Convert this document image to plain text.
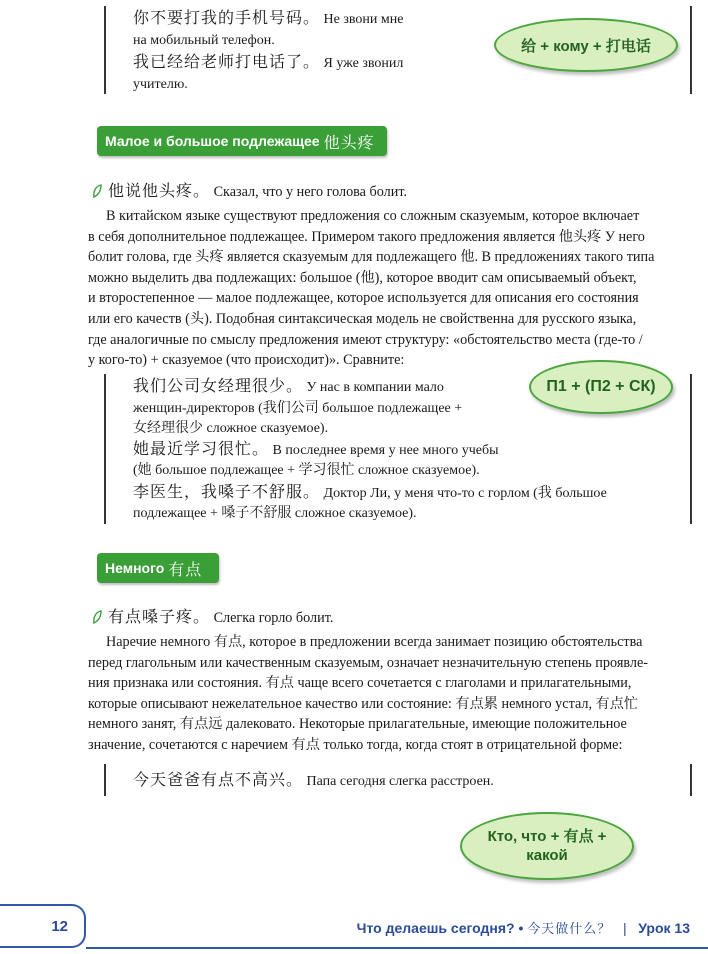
你不要打我的手机号码。 Не звони мне
на мобильный телефон.
我已经给老师打电话了。 Я уже звонил
учителю.
给 + кому + 打电话
Малое и большое подлежащее 他头疼
他说他头疼。 Сказал, что у него голова болит.
В китайском языке существуют предложения со сложным сказуемым, которое включает
в себя дополнительное подлежащее. Примером такого предложения является 他头疼 У него
болит голова, где 头疼 является сказуемым для подлежащего 他. В предложениях такого типа
можно выделить два подлежащих: большое (他), которое вводит сам описываемый объект,
и второстепенное — малое подлежащее, которое используется для описания его состояния
или его качеств (头). Подобная синтаксическая модель не свойственна для русского языка,
где аналогичные по смыслу предложения имеют структуру: «обстоятельство места (где-то /
у кого-то) + сказуемое (что происходит)». Сравните:
П1 + (П2 + СК)
我们公司女经理很少。 У нас в компании мало
женщин-директоров (我们公司 большое подлежащее +
女经理很少 сложное сказуемое).
她最近学习很忙。 В последнее время у нее много учебы
(她 большое подлежащее + 学习很忙 сложное сказуемое).
李医生，我嗓子不舒服。 Доктор Ли, у меня что-то с горлом (我 большое
подлежащее + 嗓子不舒服 сложное сказуемое).
Немного 有点
有点嗓子疼。 Слегка горло болит.
Наречие немного 有点, которое в предложении всегда занимает позицию обстоятельства
перед глагольным или качественным сказуемым, означает незначительную степень проявле-
ния признака или состояния. 有点 чаще всего сочетается с глаголами и прилагательными,
которые описывают нежелательное качество или состояние: 有点累 немного устал, 有点忙
немного занят, 有点远 далековато. Некоторые прилагательные, имеющие положительное
значение, сочетаются с наречием 有点 только тогда, когда стоят в отрицательной форме:
今天爸爸有点不高兴。 Папа сегодня слегка расстроен.
Кто, что + 有点 +
какой
12	Что делаешь сегодня? • 今天做什么？ | Урок 13
